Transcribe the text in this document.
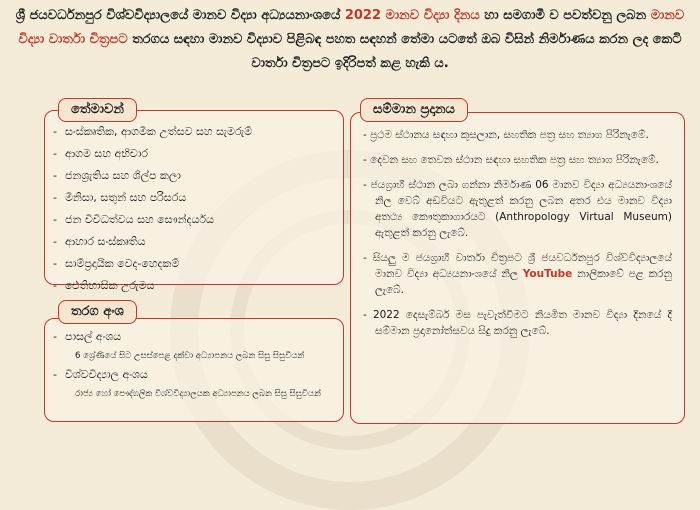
ශ්‍රී ජයවර්ධනපුර විශ්වවිද්‍යාලයේ මානව විද්‍යා අධ්‍යයනාංශයේ 2022 මානව විද්‍යා දිනය හා සමගාමී ව පවත්වනු ලබන මානව විද්‍යා වාර්තා චිත්‍රපට තරගය සඳහා මානව විද්‍යාව පිළිබඳ පහත සඳහන් තේමා යටතේ ඔබ විසින් නිර්මාණය කරන ලද කෙටි වාර්තා චිත්‍රපට ඉදිරිපත් කළ හැකි ය.
- සංස්කෘතික, ආගමික උත්සව සහ සැමරුම්
- ආගම සහ අභිචාර
- ජනශ්‍රැතිය සහ ශිල්ප කලා
- මිනිසා, සතුන් සහ පරිසරය
- ජන විවිධත්වය සහ සෞන්දර්යය
- ආහාර සංස්කෘතිය
- සාම්ප්‍රදායික වෙද-හෙදකම්
- ඓතිහාසික උරුමය
තේමාවන්
- පාසල් අංශය
6 ශ්‍රේණියේ සිට උසස්පෙළ දක්වා අධ්‍යාපනය ලබන සිසු සිසුවියන්
- විශ්වවිද්‍යාල අංශය
රාජ්‍ය හෝ පෞද්ගලික විශ්වවිද්‍යාලයක අධ්‍යාපනය ලබන සිසු සිසුවියන්
තරග අංශ
- ප්‍රථම ස්ථානය සඳහා කුසලාන, සහතික පත්‍ර සහ ත්‍යාග පිරිනැමේ.
- දෙවන සහ තෙවන ස්ථාන සඳහා සහතික පත්‍ර සහ ත්‍යාග පිරිනැමේ.
- ජයග්‍රාහී ස්ථාන ලබා ගන්නා නිර්මාණ 06 මානව විද්‍යා අධ්‍යයනාංශයේ නිල වෙබ් අඩවියට ඇතුළත් කරනු ලබන අතර එය මානව විද්‍යා අතථ්‍ය කෞතුකාගාරයට (Anthropology Virtual Museum) ඇතුළත් කරනු ලැබේ.
- සියලු ම ජයග්‍රාහී වාර්තා චිත්‍රපට ශ්‍රී ජයවර්ධනපුර විශ්වවිද්‍යාලයේ මානව විද්‍යා අධ්‍යයනාංශයේ නිල YouTube නාලිකාවේ පළ කරනු ලැබේ.
- 2022 දෙසැම්බර් මස පැවැත්වීමට නියමිත මානව විද්‍යා දිනයේ දී සම්මාන ප්‍රදානෝත්සවය සිදු කරනු ලැබේ.
සම්මාන ප්‍රදානය
